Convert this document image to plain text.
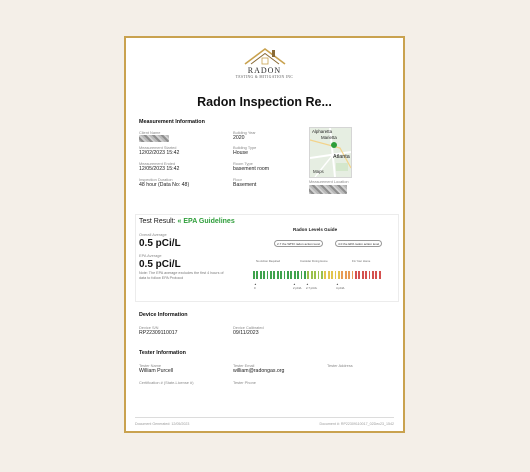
RADON
TESTING & MITIGATION INC
Radon Inspection Re...
Measurement Information
Client Name
Measurement Started
12/02/2023 15:42
Measurement Ended
12/05/2023 15:42
Inspection Duration
48 hour (Data No: 48)
Building Year
2020
Building Type
House
Room Type
basement room
Floor
Basement
Alpharetta
Marietta
Atlanta
Maps
Measurement Location
Test Result: « EPA Guidelines
Overall Average
0.5 pCi/L
EPA Average
0.5 pCi/L
Note: The EPA average excludes the first 4 hours of data to follow EPA Protocol
Radon Levels Guide
2.7 the WHO radon action level	4.0 the EPA radon action level
No Action Required	Consider Fixing Home	Fix Your Home
▲
0
▲
2 pCi/L
▲
2.7 pCi/L
▲
4 pCi/L
Device Information
Device S/N
RP22309110017
Device Calibrated
09/11/2023
Tester Information
Tester Name
William Purcell
Tester Email
william@radongas.org
Tester Address
Certification # (State-License #)	Tester Phone
Document Generated: 12/05/2023	Document #: RP22309110017_02Dec23_1542
